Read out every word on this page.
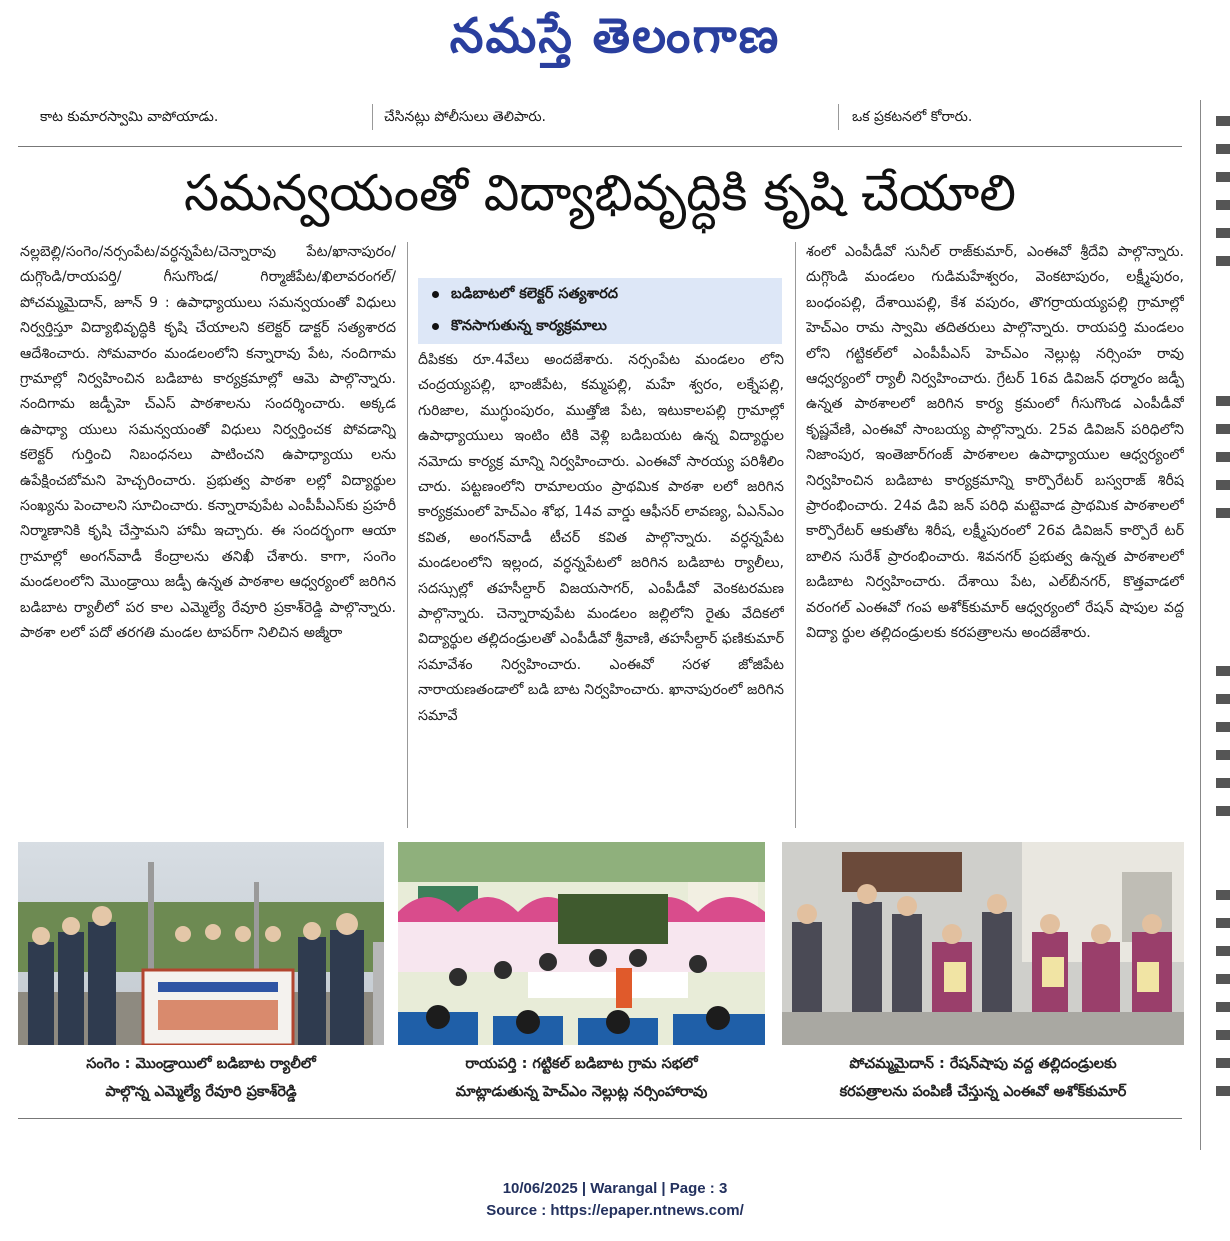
నమస్తే తెలంగాణ
కాట కుమారస్వామి వాపోయాడు.	చేసినట్లు పోలీసులు తెలిపారు.	ఒక ప్రకటనలో కోరారు.
సమన్వయంతో విద్యాభివృద్ధికి కృషి చేయాలి
నల్లబెల్లి/సంగెం/నర్సంపేట/వర్ధన్నపేట/చెన్నారావు పేట/ఖానాపురం/దుగ్గొండి/రాయపర్తి/ గీసుగొండ/ గిర్మాజీపేట/ఖిలావరంగల్/పోచమ్మమైదాన్, జూన్ 9 : ఉపాధ్యాయులు సమన్వయంతో విధులు నిర్వర్తిస్తూ విద్యాభివృద్ధికి కృషి చేయాలని కలెక్టర్ డాక్టర్ సత్యశారద ఆదేశించారు. సోమవారం మండలంలోని కన్నారావు పేట, నందిగామ గ్రామాల్లో నిర్వహించిన బడిబాట కార్యక్రమాల్లో ఆమె పాల్గొన్నారు. నందిగామ జడ్పీహె చ్ఎస్ పాఠశాలను సందర్శించారు. అక్కడ ఉపాధ్యా యులు సమన్వయంతో విధులు నిర్వర్తించక పోవడాన్ని కలెక్టర్ గుర్తించి నిబంధనలు పాటించని ఉపాధ్యాయు లను ఉపేక్షించబోమని హెచ్చరించారు. ప్రభుత్వ పాఠశా లల్లో విద్యార్థుల సంఖ్యను పెంచాలని సూచించారు. కన్నారావుపేట ఎంపీపీఎస్‌కు ప్రహరీ నిర్మాణానికి కృషి చేస్తామని హామీ ఇచ్చారు. ఈ సందర్భంగా ఆయా గ్రామాల్లో అంగన్‌వాడీ కేంద్రాలను తనిఖీ చేశారు. కాగా, సంగెం మండలంలోని మొండ్రాయి జడ్పీ ఉన్నత పాఠశాల ఆధ్వర్యంలో జరిగిన బడిబాట ర్యాలీలో పర కాల ఎమ్మెల్యే రేవూరి ప్రకాశ్‌రెడ్డి పాల్గొన్నారు. పాఠశా లలో పదో తరగతి మండల టాపర్‌గా నిలిచిన అజ్మీరా
బడిబాటలో కలెక్టర్ సత్యశారద
కొనసాగుతున్న కార్యక్రమాలు
దీపికకు రూ.4వేలు అందజేశారు. నర్సంపేట మండలం లోని చంద్రయ్యపల్లి, భాంజీపేట, కమ్మపల్లి, మహే శ్వరం, లక్నేపల్లి, గురిజాల, ముగ్ధుంపురం, ముత్తోజి పేట, ఇటుకాలపల్లి గ్రామాల్లో ఉపాధ్యాయులు ఇంటిం టికి వెళ్లి బడిబయట ఉన్న విద్యార్థుల నమోదు కార్యక్ర మాన్ని నిర్వహించారు. ఎంఈవో సారయ్య పరిశీలిం చారు. పట్టణంలోని రామాలయం ప్రాథమిక పాఠశా లలో జరిగిన కార్యక్రమంలో హెచ్ఎం శోభ, 14వ వార్డు ఆఫీసర్ లావణ్య, ఏఎన్ఎం కవిత, అంగన్‌వాడీ టీచర్ కవిత పాల్గొన్నారు. వర్ధన్నపేట మండలంలోని ఇల్లంద, వర్ధన్నపేటలో జరిగిన బడిబాట ర్యాలీలు, సదస్సుల్లో తహసీల్దార్ విజయసాగర్, ఎంపీడీవో వెంకటరమణ పాల్గొన్నారు. చెన్నారావుపేట మండలం జల్లిలోని రైతు వేదికలో విద్యార్థుల తల్లిదండ్రులతో ఎంపీడీవో శ్రీవాణి, తహసీల్దార్ ఫణికుమార్ సమావేశం నిర్వహించారు. ఎంఈవో సరళ జోజిపేట నారాయణతండాలో బడి బాట నిర్వహించారు. ఖానాపురంలో జరిగిన సమావే
శంలో ఎంపీడీవో సునీల్ రాజ్‌కుమార్, ఎంఈవో శ్రీదేవి పాల్గొన్నారు. దుగ్గొండి మండలం గుడిమహేశ్వరం, వెంకటాపురం, లక్ష్మీపురం, బంధంపల్లి, దేశాయిపల్లి, కేశ వపురం, తొగర్రాయయ్యపల్లి గ్రామాల్లో హెచ్ఎం రామ స్వామి తదితరులు పాల్గొన్నారు. రాయపర్తి మండలం లోని గట్టికల్‌లో ఎంపీపీఎస్ హెచ్ఎం నెల్లుట్ల నర్సింహ రావు ఆధ్వర్యంలో ర్యాలీ నిర్వహించారు. గ్రేటర్ 16వ డివిజన్ ధర్మారం జడ్పీ ఉన్నత పాఠశాలలో జరిగిన కార్య క్రమంలో గీసుగొండ ఎంపీడీవో కృష్ణవేణి, ఎంఈవో సాంబయ్య పాల్గొన్నారు. 25వ డివిజన్ పరిధిలోని నిజాంపుర, ఇంతెజార్‌గంజ్ పాఠశాలల ఉపాధ్యాయుల ఆధ్వర్యంలో నిర్వహించిన బడిబాట కార్యక్రమాన్ని కార్పొరేటర్ బస్వరాజ్ శిరీష ప్రారంభించారు. 24వ డివి జన్ పరిధి మట్టెవాడ ప్రాథమిక పాఠశాలలో కార్పొరేటర్ ఆకుతోట శిరీష, లక్ష్మీపురంలో 26వ డివిజన్ కార్పొరే టర్ బాలిన సురేశ్ ప్రారంభించారు. శివనగర్ ప్రభుత్వ ఉన్నత పాఠశాలలో బడిబాట నిర్వహించారు. దేశాయి పేట, ఎల్‌బీనగర్, కొత్తవాడలో వరంగల్ ఎంఈవో గంప అశోక్‌కుమార్ ఆధ్వర్యంలో రేషన్ షాపుల వద్ద విద్యా ర్థుల తల్లిదండ్రులకు కరపత్రాలను అందజేశారు.
సంగెం : మొండ్రాయిలో బడిబాట ర్యాలీలో
పాల్గొన్న ఎమ్మెల్యే రేవూరి ప్రకాశ్‌రెడ్డి
రాయపర్తి : గట్టికల్ బడిబాట గ్రామ సభలో
మాట్లాడుతున్న హెచ్ఎం నెల్లుట్ల నర్సింహారావు
పోచమ్మమైదాన్ : రేషన్‌షాపు వద్ద తల్లిదండ్రులకు
కరపత్రాలను పంపిణీ చేస్తున్న ఎంఈవో అశోక్‌కుమార్
10/06/2025 | Warangal | Page : 3
Source : https://epaper.ntnews.com/
